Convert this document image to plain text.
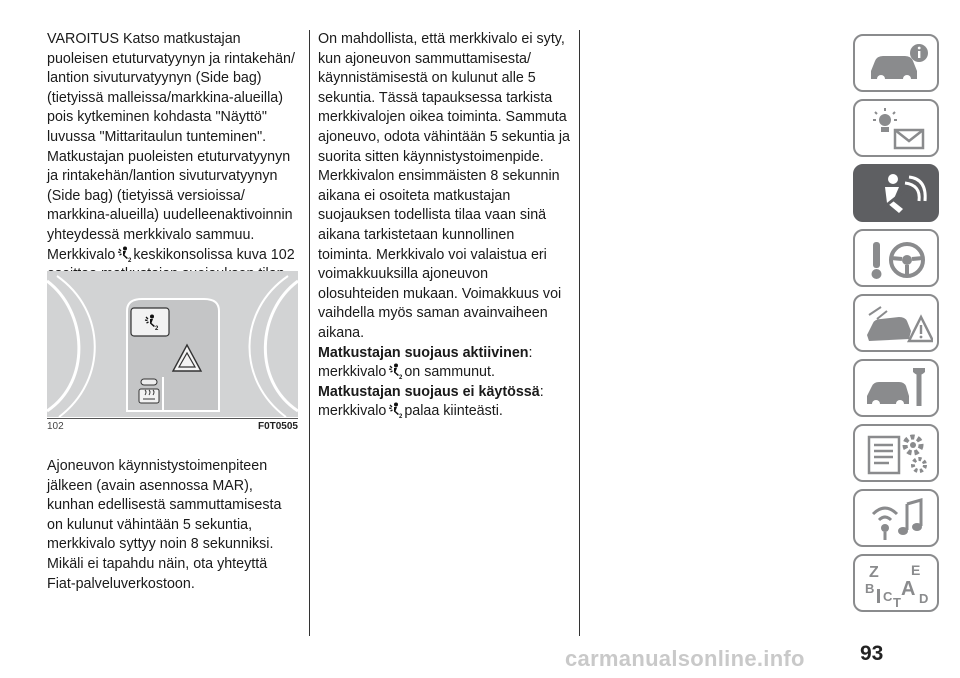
VAROITUS Katso matkustajan puoleisen etuturvatyynyn ja rintakehän/ lantion sivuturvatyynyn (Side bag) (tietyissä malleissa/markkina-alueilla) pois kytkeminen kohdasta "Näyttö" luvussa "Mittaritaulun tunteminen".

Matkustajan puoleisten etuturvatyynyn ja rintakehän/lantion sivuturvatyynyn (Side bag) (tietyissä versioissa/ markkina-alueilla) uudelleenaktivoinnin yhteydessä merkkivalo sammuu.

Merkkivalo keskikonsolissa kuva 102

102	F0T0505

Ajoneuvon käynnistystoimenpiteen jälkeen (avain asennossa MAR), kunhan edellisestä sammuttamisesta on kulunut vähintään 5 sekuntia, merkkivalo syttyy noin 8 sekunniksi. Mikäli ei tapahdu näin, ota yhteyttä Fiat-palveluverkostoon.

On mahdollista, että merkkivalo ei syty, kun ajoneuvon sammuttamisesta/ käynnistämisestä on kulunut alle 5 sekuntia. Tässä tapauksessa tarkista merkkivalojen oikea toiminta. Sammuta ajoneuvo, odota vähintään 5 sekuntia ja suorita sitten käynnistystoimenpide.

Merkkivalon ensimmäisten 8 sekunnin aikana ei osoiteta matkustajan suojauksen todellista tilaa vaan sinä aikana tarkistetaan kunnollinen toiminta. Merkkivalo voi valaistua eri voimakkuuksilla ajoneuvon olosuhteiden mukaan. Voimakkuus voi vaihdella myös saman avainvaiheen aikana.

Matkustajan suojaus aktiivinen:
merkkivalo on sammunut.

Matkustajan suojaus ei käytössä:
merkkivalo palaa kiinteästi.

Z E
B A
C D
T
93
carmanualsonline.info
